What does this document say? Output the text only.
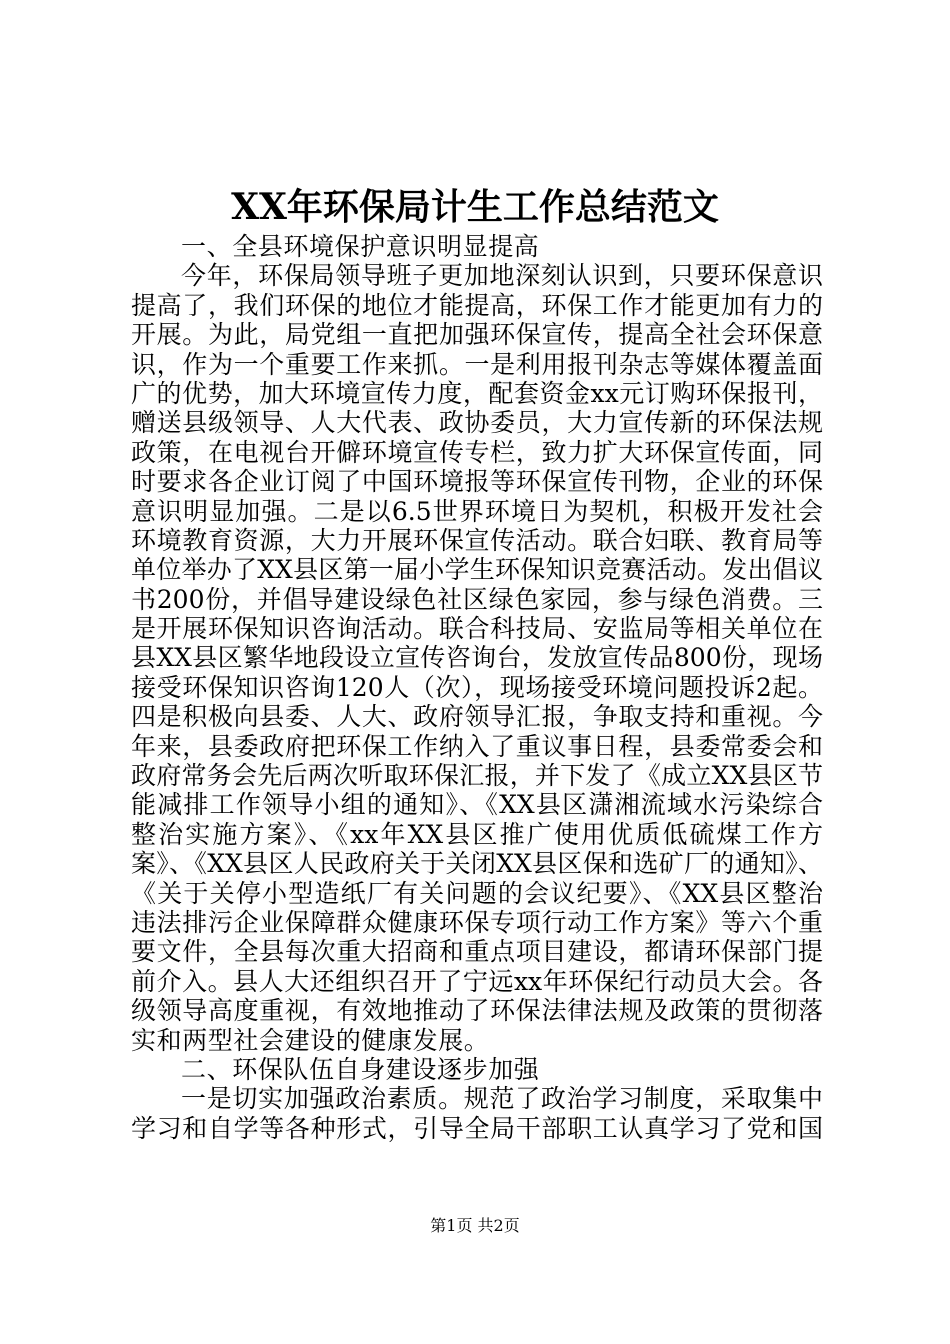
XX年环保局计生工作总结范文
一、全县环境保护意识明显提高
今年，环保局领导班子更加地深刻认识到，只要环保意识
提高了，我们环保的地位才能提高，环保工作才能更加有力的
开展。为此，局党组一直把加强环保宣传，提高全社会环保意
识，作为一个重要工作来抓。一是利用报刊杂志等媒体覆盖面
广的优势，加大环境宣传力度，配套资金xx元订购环保报刊，
赠送县级领导、人大代表、政协委员，大力宣传新的环保法规
政策，在电视台开僻环境宣传专栏，致力扩大环保宣传面，同
时要求各企业订阅了中国环境报等环保宣传刊物，企业的环保
意识明显加强。二是以6.5世界环境日为契机，积极开发社会
环境教育资源，大力开展环保宣传活动。联合妇联、教育局等
单位举办了XX县区第一届小学生环保知识竞赛活动。发出倡议
书200份，并倡导建设绿色社区绿色家园，参与绿色消费。三
是开展环保知识咨询活动。联合科技局、安监局等相关单位在
县XX县区繁华地段设立宣传咨询台，发放宣传品800份，现场
接受环保知识咨询120人（次），现场接受环境问题投诉2起。
四是积极向县委、人大、政府领导汇报，争取支持和重视。今
年来，县委政府把环保工作纳入了重议事日程，县委常委会和
政府常务会先后两次听取环保汇报，并下发了《成立XX县区节
能减排工作领导小组的通知》、《XX县区潇湘流域水污染综合
整治实施方案》、《xx年XX县区推广使用优质低硫煤工作方
案》、《XX县区人民政府关于关闭XX县区保和选矿厂的通知》、
《关于关停小型造纸厂有关问题的会议纪要》、《XX县区整治
违法排污企业保障群众健康环保专项行动工作方案》等六个重
要文件，全县每次重大招商和重点项目建设，都请环保部门提
前介入。县人大还组织召开了宁远xx年环保纪行动员大会。各
级领导高度重视，有效地推动了环保法律法规及政策的贯彻落
实和两型社会建设的健康发展。
二、环保队伍自身建设逐步加强
一是切实加强政治素质。规范了政治学习制度，采取集中
学习和自学等各种形式，引导全局干部职工认真学习了党和国
第1页 共2页
